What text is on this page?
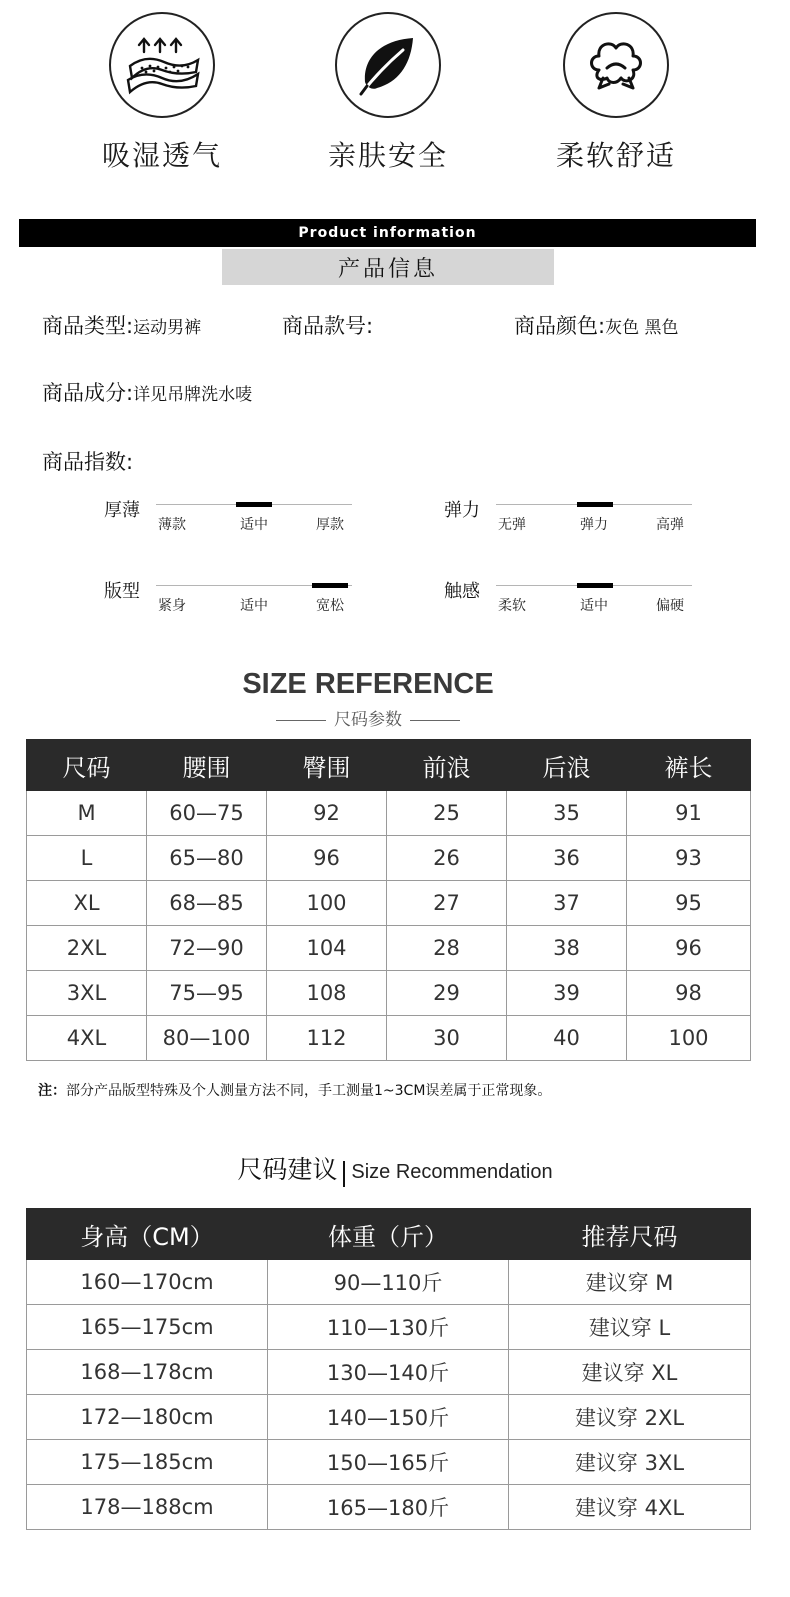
吸湿透气	亲肤安全	柔软舒适
Product information
产品信息
商品类型:运动男裤	商品款号:	商品颜色:灰色 黑色
商品成分:详见吊牌洗水唛
商品指数:
厚薄
薄款	适中	厚款
弹力
无弹	弹力	高弹
版型
紧身	适中	宽松
触感
柔软	适中	偏硬
SIZE REFERENCE
尺码参数
尺码	腰围	臀围	前浪	后浪	裤长
M	60—75	92	25	35	91
L	65—80	96	26	36	93
XL	68—85	100	27	37	95
2XL	72—90	104	28	38	96
3XL	75—95	108	29	39	98
4XL	80—100	112	30	40	100
注：部分产品版型特殊及个人测量方法不同，手工测量1~3CM误差属于正常现象。
尺码建议 Size Recommendation
身高（CM）	体重（斤）	推荐尺码
160—170cm	90—110斤	建议穿 M
165—175cm	110—130斤	建议穿 L
168—178cm	130—140斤	建议穿 XL
172—180cm	140—150斤	建议穿 2XL
175—185cm	150—165斤	建议穿 3XL
178—188cm	165—180斤	建议穿 4XL
